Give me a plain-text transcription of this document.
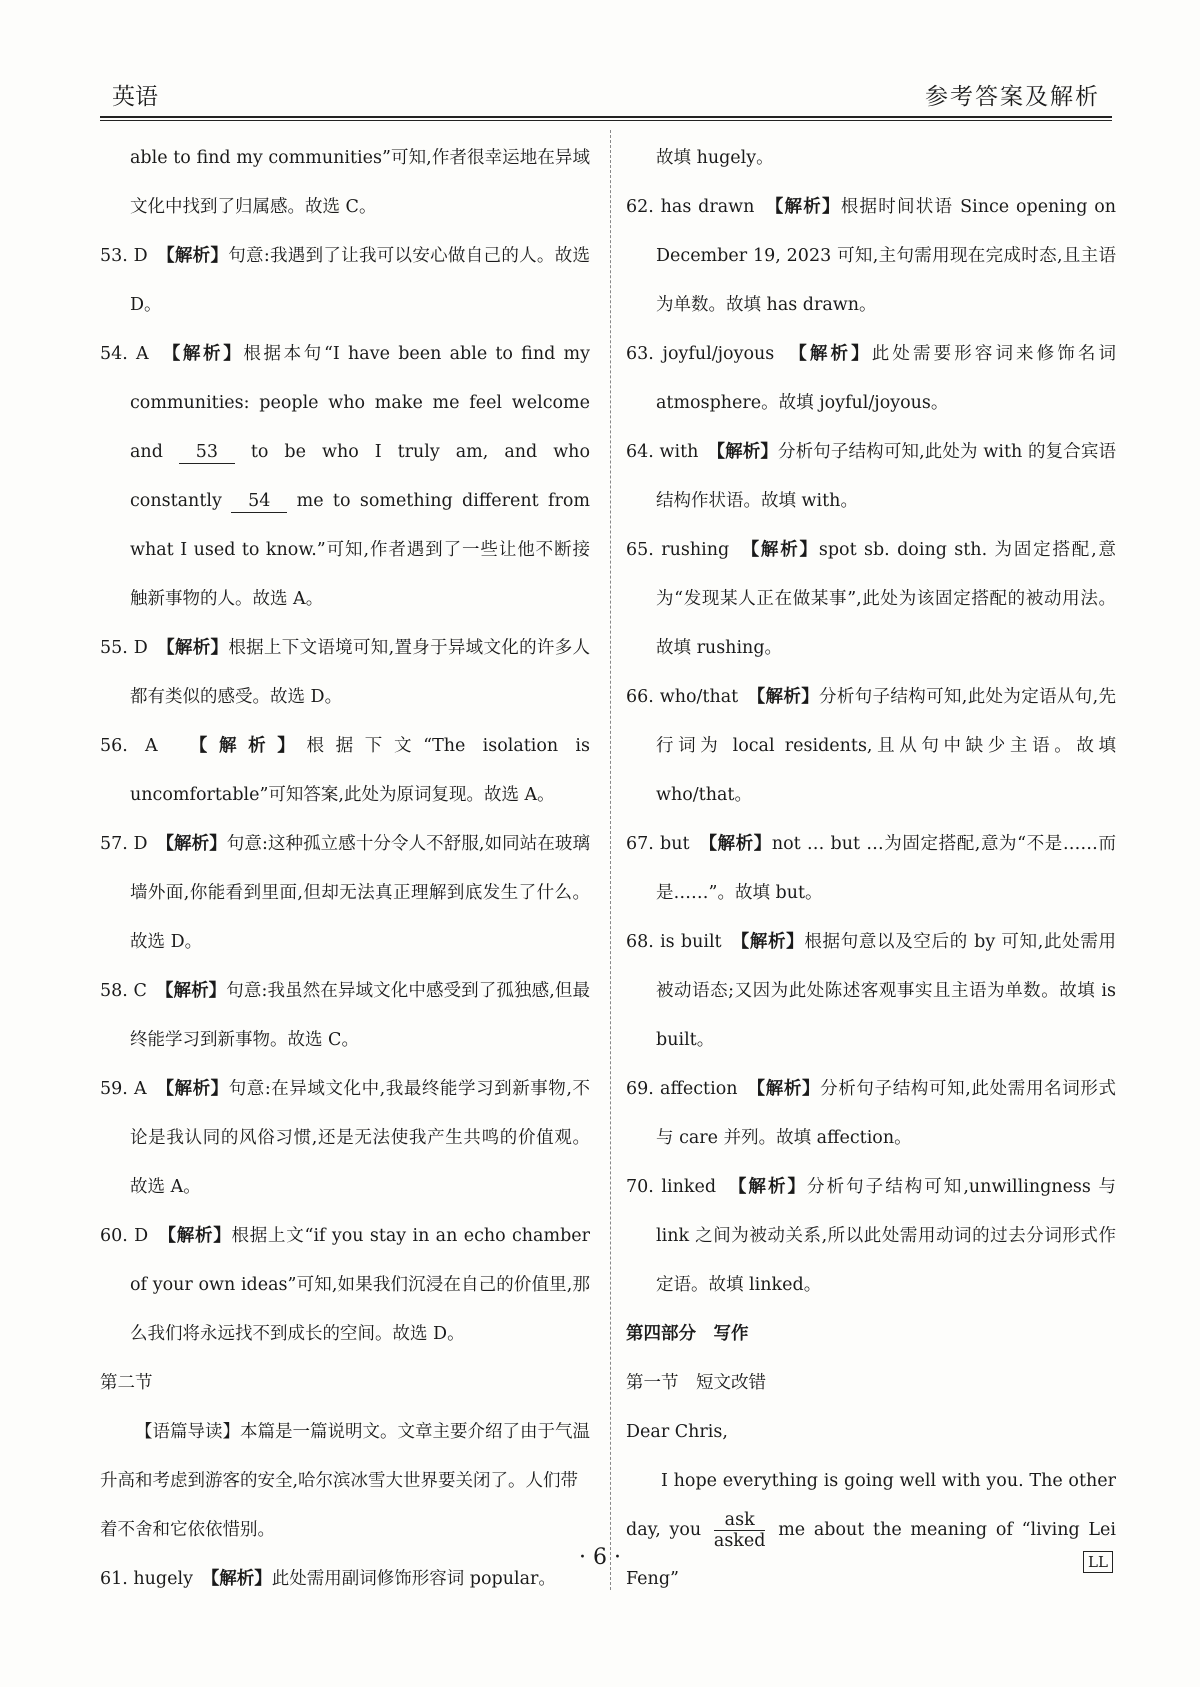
英语	参考答案及解析

able to find my communities”可知,作者很幸运地在异域文化中找到了归属感。故选 C。

53. D　 【解析】句意:我遇到了让我可以安心做自己的人。故选 D。

54. A　 【解析】根据本句“I have been able to find my communities: people who make me feel welcome and 53 to be who I truly am, and who constantly 54 me to something different from what I used to know.”可知,作者遇到了一些让他不断接触新事物的人。故选 A。

55. D　 【解析】根据上下文语境可知,置身于异域文化的许多人都有类似的感受。故选 D。

56. A　 【解析】根据下文“The isolation is uncomfortable”可知答案,此处为原词复现。故选 A。

57. D　 【解析】句意:这种孤立感十分令人不舒服,如同站在玻璃墙外面,你能看到里面,但却无法真正理解到底发生了什么。故选 D。

58. C　 【解析】句意:我虽然在异域文化中感受到了孤独感,但最终能学习到新事物。故选 C。

59. A　 【解析】句意:在异域文化中,我最终能学习到新事物,不论是我认同的风俗习惯,还是无法使我产生共鸣的价值观。故选 A。

60. D　 【解析】根据上文“if you stay in an echo chamber of your own ideas”可知,如果我们沉浸在自己的价值里,那么我们将永远找不到成长的空间。故选 D。

第二节

【语篇导读】本篇是一篇说明文。文章主要介绍了由于气温升高和考虑到游客的安全,哈尔滨冰雪大世界要关闭了。人们带着不舍和它依依惜别。

61. hugely　 【解析】此处需用副词修饰形容词 popular。

故填 hugely。

62. has drawn　 【解析】根据时间状语 Since opening on December 19, 2023 可知,主句需用现在完成时态,且主语为单数。故填 has drawn。

63. joyful/joyous　 【解析】此处需要形容词来修饰名词 atmosphere。故填 joyful/joyous。

64. with　 【解析】分析句子结构可知,此处为 with 的复合宾语结构作状语。故填 with。

65. rushing　 【解析】spot sb. doing sth. 为固定搭配,意为“发现某人正在做某事”,此处为该固定搭配的被动用法。故填 rushing。

66. who/that　 【解析】分析句子结构可知,此处为定语从句,先行词为 local residents,且从句中缺少主语。故填 who/that。

67. but　 【解析】not … but …为固定搭配,意为“不是……而是……”。故填 but。

68. is built　 【解析】根据句意以及空后的 by 可知,此处需用被动语态;又因为此处陈述客观事实且主语为单数。故填 is built。

69. affection　 【解析】分析句子结构可知,此处需用名词形式与 care 并列。故填 affection。

70. linked　 【解析】分析句子结构可知,unwillingness 与 link 之间为被动关系,所以此处需用动词的过去分词形式作定语。故填 linked。

第四部分　写作

第一节　短文改错

Dear Chris,

I hope everything is going well with you. The other day, you $\frac{\text{ask}}{\text{asked}}$ me about the meaning of “living Lei Feng”

· 6 ·	LL
